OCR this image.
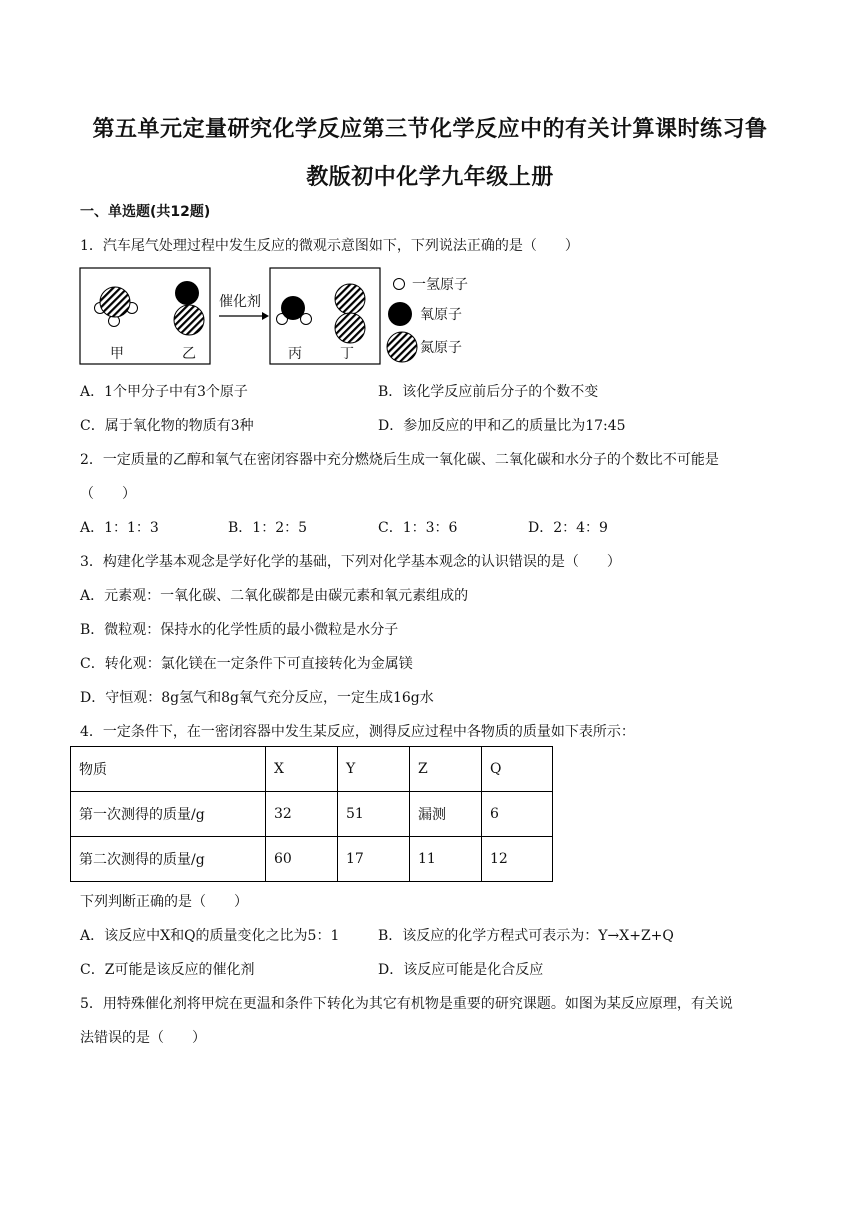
第五单元定量研究化学反应第三节化学反应中的有关计算课时练习鲁
教版初中化学九年级上册
一、单选题(共12题)
1．汽车尾气处理过程中发生反应的微观示意图如下，下列说法正确的是（　　）
甲	乙
催化剂
丙	丁
一氢原子
氧原子
氮原子
A．1个甲分子中有3个原子	B．该化学反应前后分子的个数不变
C．属于氧化物的物质有3种	D．参加反应的甲和乙的质量比为17:45
2．一定质量的乙醇和氧气在密闭容器中充分燃烧后生成一氧化碳、二氧化碳和水分子的个数比不可能是
（　　）
A．1：1：3	B．1：2：5	C．1：3：6	D．2：4：9
3．构建化学基本观念是学好化学的基础，下列对化学基本观念的认识错误的是（　　）
A．元素观：一氧化碳、二氧化碳都是由碳元素和氧元素组成的
B．微粒观：保持水的化学性质的最小微粒是水分子
C．转化观：氯化镁在一定条件下可直接转化为金属镁
D．守恒观：8g氢气和8g氧气充分反应，一定生成16g水
4．一定条件下，在一密闭容器中发生某反应，测得反应过程中各物质的质量如下表所示：
物质	X	Y	Z	Q
第一次测得的质量/g	32	51	漏测	6
第二次测得的质量/g	60	17	11	12
下列判断正确的是（　　）
A．该反应中X和Q的质量变化之比为5：1	B．该反应的化学方程式可表示为：Y→X+Z+Q
C．Z可能是该反应的催化剂	D．该反应可能是化合反应
5．用特殊催化剂将甲烷在更温和条件下转化为其它有机物是重要的研究课题。如图为某反应原理，有关说
法错误的是（　　）
